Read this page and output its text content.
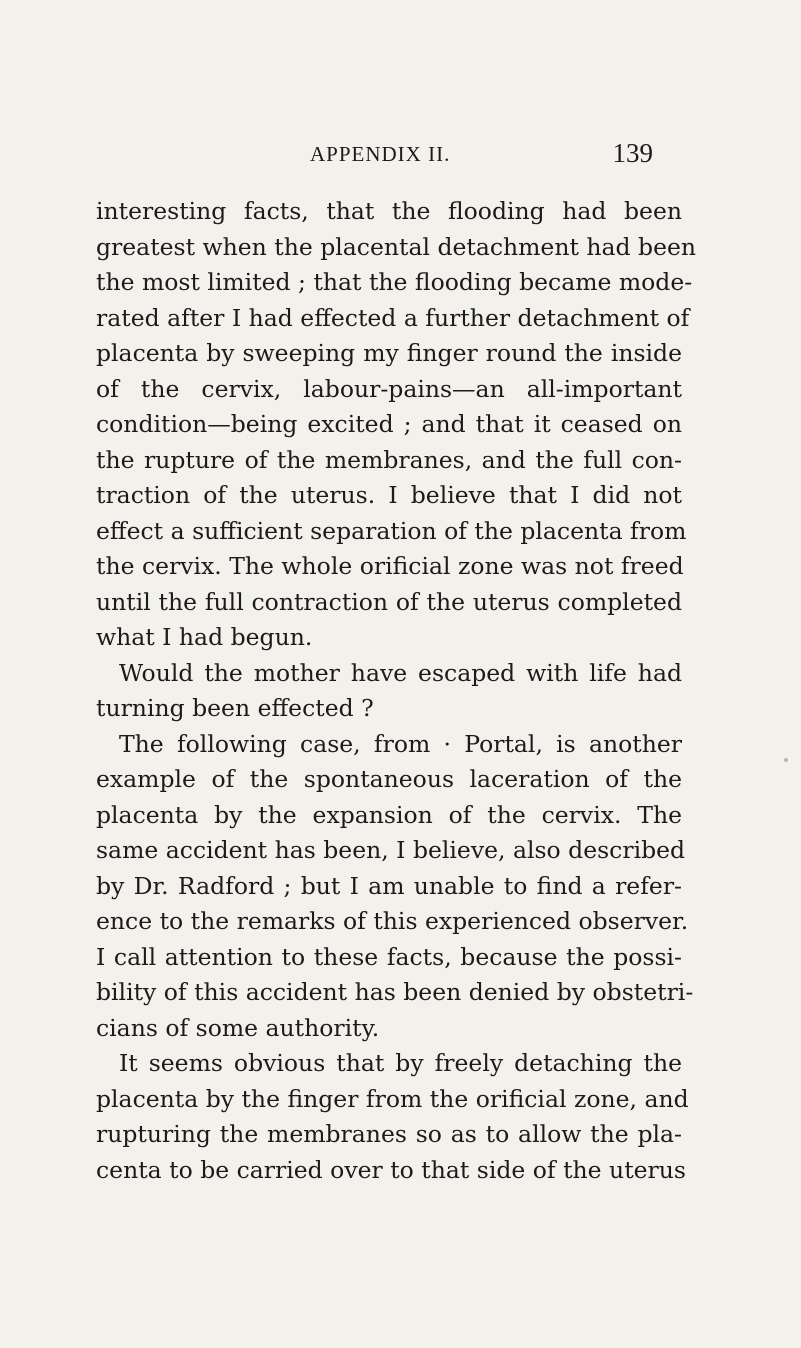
APPENDIX II.	139
interesting facts, that the flooding had been
greatest when the placental detachment had been
the most limited ; that the flooding became mode-
rated after I had effected a further detachment of
placenta by sweeping my finger round the inside
of the cervix, labour-pains—an all-important
condition—being excited ; and that it ceased on
the rupture of the membranes, and the full con-
traction of the uterus. I believe that I did not
effect a sufficient separation of the placenta from
the cervix. The whole orificial zone was not freed
until the full contraction of the uterus completed
what I had begun.
Would the mother have escaped with life had
turning been effected ?
The following case, from · Portal, is another
example of the spontaneous laceration of the
placenta by the expansion of the cervix. The
same accident has been, I believe, also described
by Dr. Radford ; but I am unable to find a refer-
ence to the remarks of this experienced observer.
I call attention to these facts, because the possi-
bility of this accident has been denied by obstetri-
cians of some authority.
It seems obvious that by freely detaching the
placenta by the finger from the orificial zone, and
rupturing the membranes so as to allow the pla-
centa to be carried over to that side of the uterus
